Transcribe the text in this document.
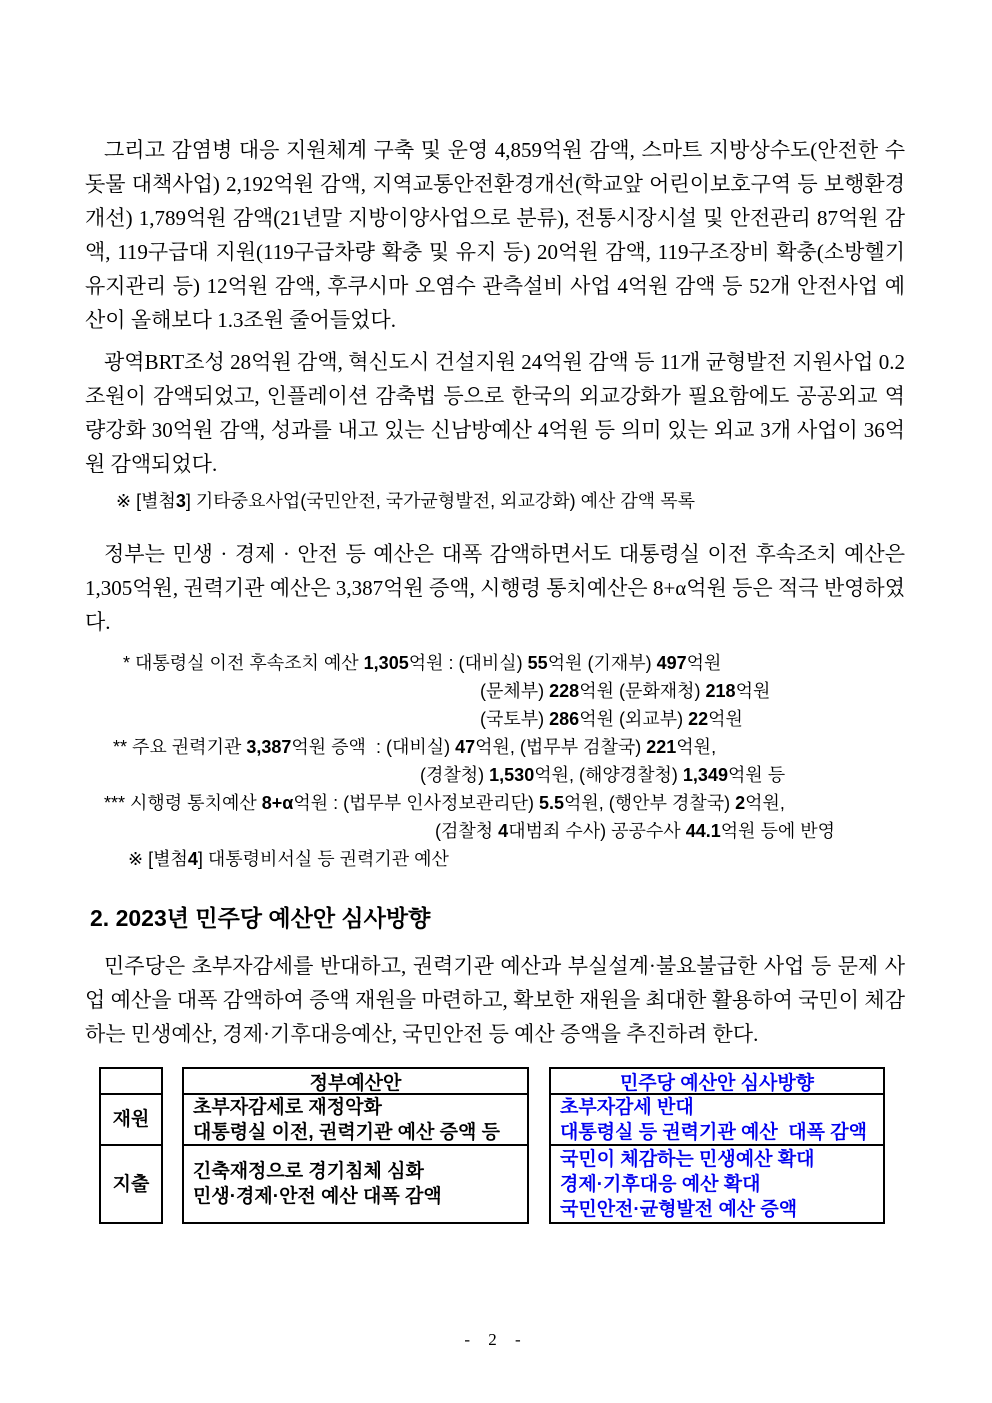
그리고 감염병 대응 지원체계 구축 및 운영 4,859억원 감액, 스마트 지방상수도(안전한 수돗물 대책사업) 2,192억원 감액, 지역교통안전환경개선(학교앞 어린이보호구역 등 보행환경 개선) 1,789억원 감액(21년말 지방이양사업으로 분류), 전통시장시설 및 안전관리 87억원 감액, 119구급대 지원(119구급차량 확충 및 유지 등) 20억원 감액, 119구조장비 확충(소방헬기 유지관리 등) 12억원 감액, 후쿠시마 오염수 관측설비 사업 4억원 감액 등 52개 안전사업 예산이 올해보다 1.3조원 줄어들었다.

광역BRT조성 28억원 감액, 혁신도시 건설지원 24억원 감액 등 11개 균형발전 지원사업 0.2조원이 감액되었고, 인플레이션 감축법 등으로 한국의 외교강화가 필요함에도 공공외교 역량강화 30억원 감액, 성과를 내고 있는 신남방예산 4억원 등 의미 있는 외교 3개 사업이 36억원 감액되었다.

※ [별첨3] 기타중요사업(국민안전, 국가균형발전, 외교강화) 예산 감액 목록

정부는 민생 · 경제 · 안전 등 예산은 대폭 감액하면서도 대통령실 이전 후속조치 예산은 1,305억원, 권력기관 예산은 3,387억원 증액, 시행령 통치예산은 8+α억원 등은 적극 반영하였다.

* 대통령실 이전 후속조치 예산 1,305억원 : (대비실) 55억원 (기재부) 497억원
(문체부) 228억원 (문화재청) 218억원
(국토부) 286억원 (외교부) 22억원
** 주요 권력기관 3,387억원 증액  : (대비실) 47억원, (법무부 검찰국) 221억원,
(경찰청) 1,530억원, (해양경찰청) 1,349억원 등
*** 시행령 통치예산 8+α억원 : (법무부 인사정보관리단) 5.5억원, (행안부 경찰국) 2억원,
(검찰청 4대범죄 수사) 공공수사 44.1억원 등에 반영
※ [별첨4] 대통령비서실 등 권력기관 예산
2. 2023년 민주당 예산안 심사방향

민주당은 초부자감세를 반대하고, 권력기관 예산과 부실설계·불요불급한 사업 등 문제 사업 예산을 대폭 감액하여 증액 재원을 마련하고, 확보한 재원을 최대한 활용하여 국민이 체감하는 민생예산, 경제·기후대응예산, 국민안전 등 예산 증액을 추진하려 한다.

재원
지출
정부예산안
초부자감세로 재정악화
대통령실 이전, 권력기관 예산 증액 등
긴축재정으로 경기침체 심화
민생·경제·안전 예산 대폭 감액
민주당 예산안 심사방향
초부자감세 반대
대통령실 등 권력기관 예산  대폭 감액
국민이 체감하는 민생예산 확대
경제·기후대응 예산 확대
국민안전·균형발전 예산 증액
- 2 -
